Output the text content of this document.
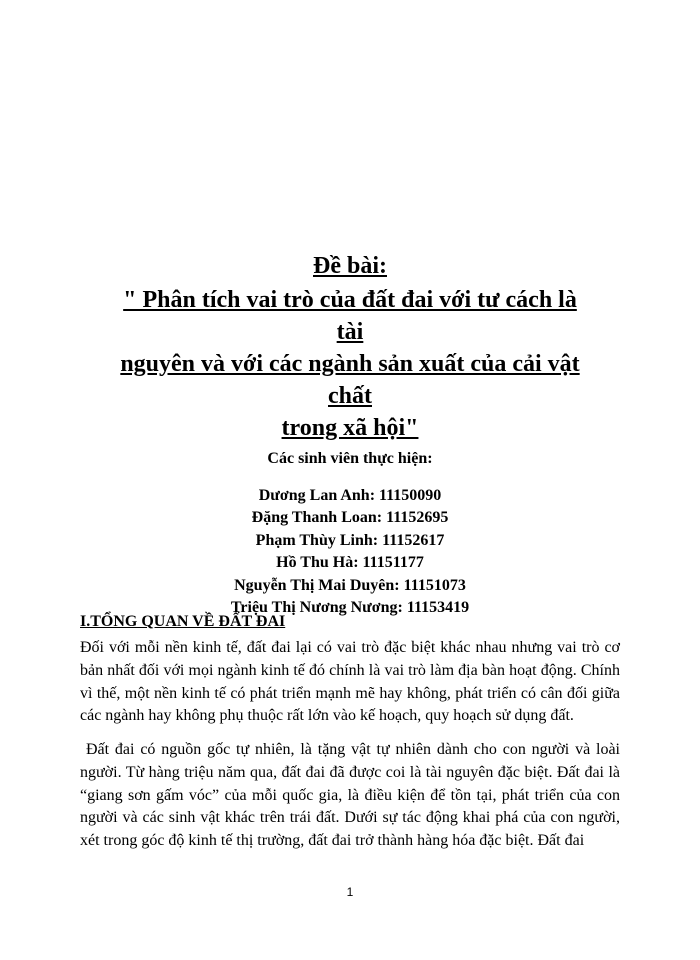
Đề bài:
" Phân tích vai trò của đất đai với tư cách là tài
nguyên và với các ngành sản xuất của cải vật chất
trong xã hội"
Các sinh viên thực hiện:
Dương Lan Anh: 11150090
Đặng Thanh Loan: 11152695
Phạm Thùy Linh: 11152617
Hồ Thu Hà: 11151177
Nguyễn Thị Mai Duyên: 11151073
Triệu Thị Nương Nương: 11153419
I.TỔNG QUAN VỀ ĐẤT ĐAI

Đối với mỗi nền kinh tế, đất đai lại có vai trò đặc biệt khác nhau nhưng vai trò cơ bản nhất đối với mọi ngành kinh tế đó chính là vai trò làm địa bàn hoạt động. Chính vì thế, một nền kinh tế có phát triển mạnh mẽ hay không, phát triển có cân đối giữa các ngành hay không phụ thuộc rất lớn vào kế hoạch, quy hoạch sử dụng đất.

Đất đai có nguồn gốc tự nhiên, là tặng vật tự nhiên dành cho con người và loài người. Từ hàng triệu năm qua, đất đai đã được coi là tài nguyên đặc biệt. Đất đai là “giang sơn gấm vóc” của mỗi quốc gia, là điều kiện để tồn tại, phát triển của con người và các sinh vật khác trên trái đất. Dưới sự tác động khai phá của con người, xét trong góc độ kinh tế thị trường, đất đai trở thành hàng hóa đặc biệt. Đất đai

1
